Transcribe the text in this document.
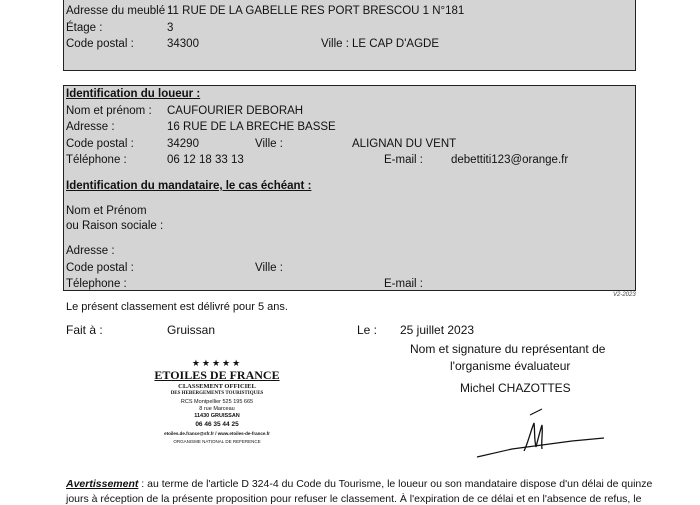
Adresse du meublé :
11 RUE DE LA GABELLE RES PORT BRESCOU 1 N°181
Étage :	3
Code postal :	34300	Ville : LE CAP D'AGDE
Identification du loueur :
Nom et prénom : CAUFOURIER DEBORAH
Adresse :	16 RUE DE LA BRECHE BASSE
Code postal :	34290	Ville :	ALIGNAN DU VENT
Téléphone :	06 12 18 33 13	E-mail : debettiti123@orange.fr
Identification du mandataire, le cas échéant :
Nom et Prénom
ou Raison sociale :
Adresse :
Code postal :	Ville :
Télephone :	E-mail :
V2-2023
Le présent classement est délivré pour 5 ans.
Fait à :	Gruissan	Le : 25 juillet 2023
Nom et signature du représentant de
l'organisme évaluateur
Michel CHAZOTTES
★★★★★
ETOILES DE FRANCE
CLASSEMENT OFFICIEL
DES HEBERGEMENTS TOURISTIQUES
RCS Montpellier 525 195 665
8 rue Marceau
11430 GRUISSAN
06 46 35 44 25
etoiles.de.france@sfr.fr / www.etoiles-de-france.fr
ORGANISME NATIONAL DE REFERENCE
Avertissement : au terme de l'article D 324-4 du Code du Tourisme, le loueur ou son mandataire dispose d'un délai de quinze
jours à réception de la présente proposition pour refuser le classement. À l'expiration de ce délai et en l'absence de refus, le
